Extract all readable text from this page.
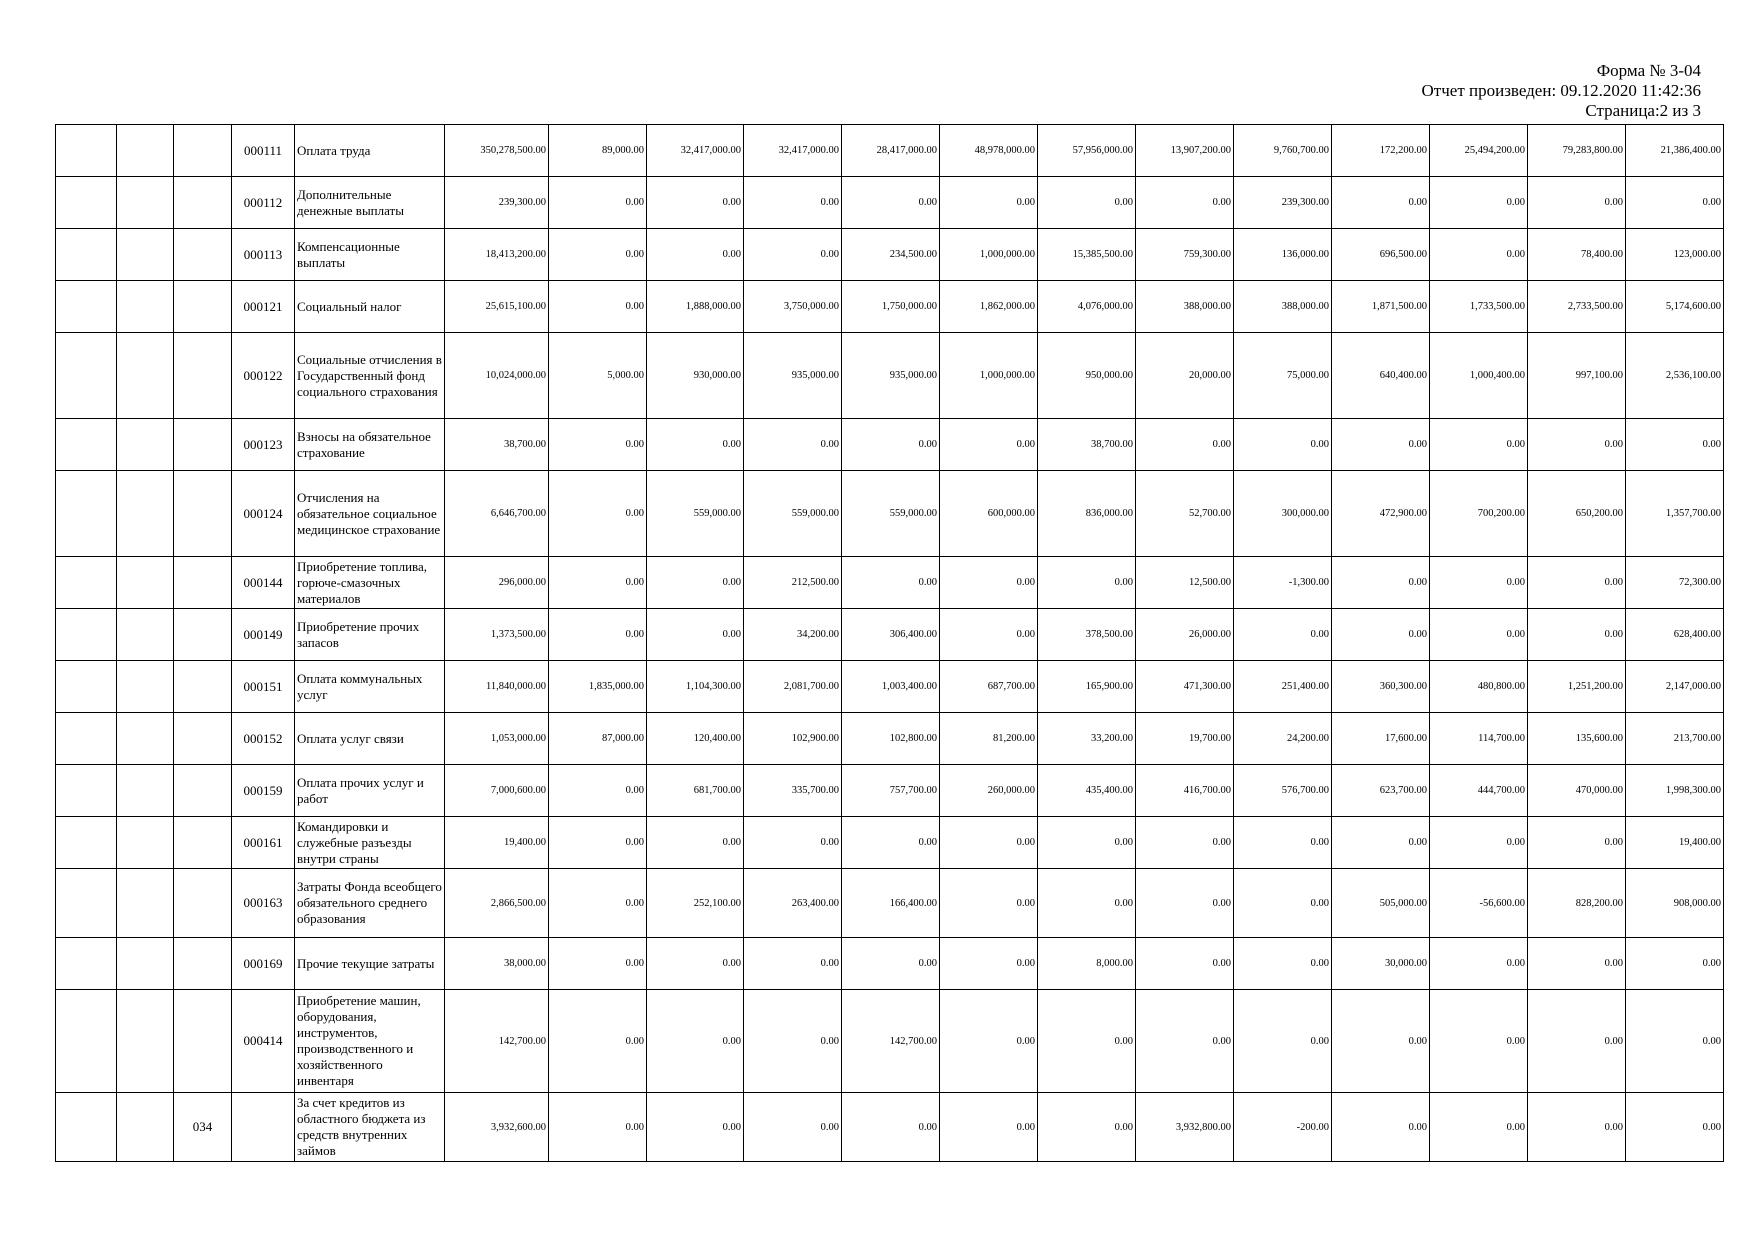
Форма № 3-04
Отчет произведен: 09.12.2020 11:42:36
Страница:2 из 3
			000111	Оплата труда	350,278,500.00	89,000.00	32,417,000.00	32,417,000.00	28,417,000.00	48,978,000.00	57,956,000.00	13,907,200.00	9,760,700.00	172,200.00	25,494,200.00	79,283,800.00	21,386,400.00
			000112	Дополнительные денежные выплаты	239,300.00	0.00	0.00	0.00	0.00	0.00	0.00	0.00	239,300.00	0.00	0.00	0.00	0.00
			000113	Компенсационные выплаты	18,413,200.00	0.00	0.00	0.00	234,500.00	1,000,000.00	15,385,500.00	759,300.00	136,000.00	696,500.00	0.00	78,400.00	123,000.00
			000121	Социальный налог	25,615,100.00	0.00	1,888,000.00	3,750,000.00	1,750,000.00	1,862,000.00	4,076,000.00	388,000.00	388,000.00	1,871,500.00	1,733,500.00	2,733,500.00	5,174,600.00
			000122	Социальные отчисления в Государственный фонд социального страхования	10,024,000.00	5,000.00	930,000.00	935,000.00	935,000.00	1,000,000.00	950,000.00	20,000.00	75,000.00	640,400.00	1,000,400.00	997,100.00	2,536,100.00
			000123	Взносы на обязательное страхование	38,700.00	0.00	0.00	0.00	0.00	0.00	38,700.00	0.00	0.00	0.00	0.00	0.00	0.00
			000124	Отчисления на обязательное социальное медицинское страхование	6,646,700.00	0.00	559,000.00	559,000.00	559,000.00	600,000.00	836,000.00	52,700.00	300,000.00	472,900.00	700,200.00	650,200.00	1,357,700.00
			000144	Приобретение топлива, горюче-смазочных материалов	296,000.00	0.00	0.00	212,500.00	0.00	0.00	0.00	12,500.00	-1,300.00	0.00	0.00	0.00	72,300.00
			000149	Приобретение прочих запасов	1,373,500.00	0.00	0.00	34,200.00	306,400.00	0.00	378,500.00	26,000.00	0.00	0.00	0.00	0.00	628,400.00
			000151	Оплата коммунальных услуг	11,840,000.00	1,835,000.00	1,104,300.00	2,081,700.00	1,003,400.00	687,700.00	165,900.00	471,300.00	251,400.00	360,300.00	480,800.00	1,251,200.00	2,147,000.00
			000152	Оплата услуг связи	1,053,000.00	87,000.00	120,400.00	102,900.00	102,800.00	81,200.00	33,200.00	19,700.00	24,200.00	17,600.00	114,700.00	135,600.00	213,700.00
			000159	Оплата прочих услуг и работ	7,000,600.00	0.00	681,700.00	335,700.00	757,700.00	260,000.00	435,400.00	416,700.00	576,700.00	623,700.00	444,700.00	470,000.00	1,998,300.00
			000161	Командировки и служебные разъезды внутри страны	19,400.00	0.00	0.00	0.00	0.00	0.00	0.00	0.00	0.00	0.00	0.00	0.00	19,400.00
			000163	Затраты Фонда всеобщего обязательного среднего образования	2,866,500.00	0.00	252,100.00	263,400.00	166,400.00	0.00	0.00	0.00	0.00	505,000.00	-56,600.00	828,200.00	908,000.00
			000169	Прочие текущие затраты	38,000.00	0.00	0.00	0.00	0.00	0.00	8,000.00	0.00	0.00	30,000.00	0.00	0.00	0.00
			000414	Приобретение машин, оборудования, инструментов, производственного и хозяйственного инвентаря	142,700.00	0.00	0.00	0.00	142,700.00	0.00	0.00	0.00	0.00	0.00	0.00	0.00	0.00
		034		За счет кредитов из областного бюджета из средств внутренних займов	3,932,600.00	0.00	0.00	0.00	0.00	0.00	0.00	3,932,800.00	-200.00	0.00	0.00	0.00	0.00
